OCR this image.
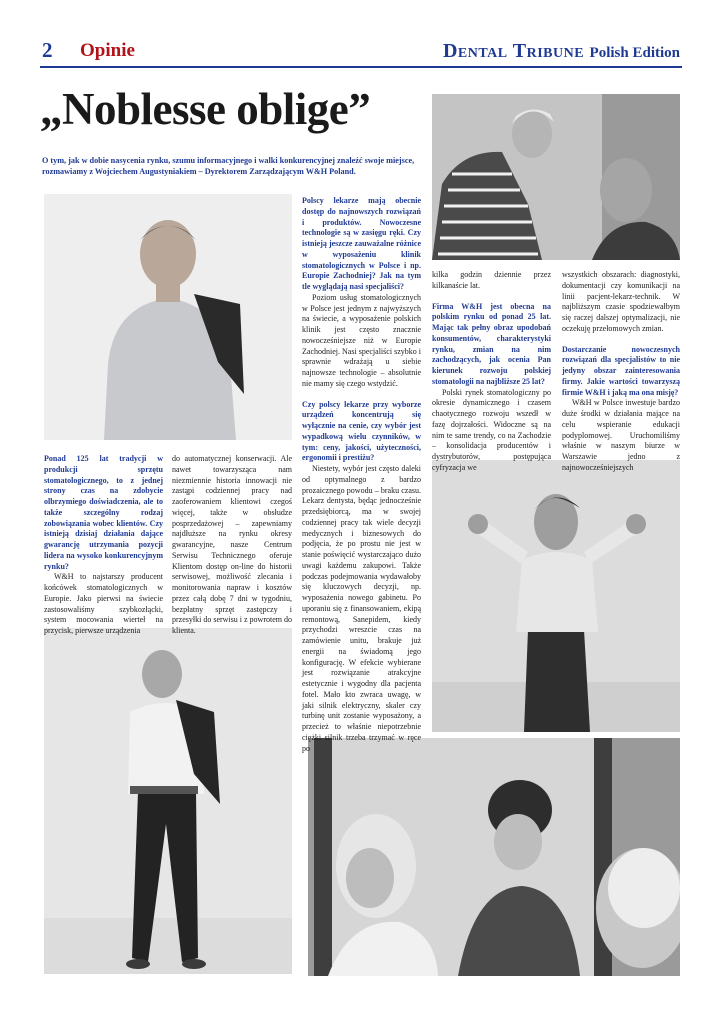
2 Opinie	Dental Tribune Polish Edition
„Noblesse oblige”
O tym, jak w dobie nasycenia rynku, szumu informacyjnego i walki konkurencyjnej znaleźć swoje miejsce, rozmawiamy z Wojciechem Augustyniakiem – Dyrektorem Zarządzającym W&H Poland.

Ponad 125 lat tradycji w produkcji sprzętu stomatologicznego, to z jednej strony czas na zdobycie olbrzymiego doświadczenia, ale to także szczególny rodzaj zobowiązania wobec klientów. Czy istnieją dzisiaj działania dające gwarancję utrzymania pozycji lidera na wysoko konkurencyjnym rynku?

W&H to najstarszy producent końcówek stomatologicznych w Europie. Jako pierwsi na świecie zastosowaliśmy szybkozłącki, system mocowania wierteł na przycisk, pierwsze urządzenia

do automatycznej konserwacji. Ale nawet towarzysząca nam niezmiennie historia innowacji nie zastąpi codziennej pracy nad zaoferowaniem klientowi czegoś więcej, także w obsłudze posprzedażowej – zapewniamy najdłuższe na rynku okresy gwarancyjne, nasze Centrum Serwisu Technicznego oferuje Klientom dostęp on-line do historii serwisowej, możliwość zlecania i monitorowania napraw i kosztów przez całą dobę 7 dni w tygodniu, bezpłatny sprzęt zastępczy i przesyłki do serwisu i z powrotem do klienta.

Polscy lekarze mają obecnie dostęp do najnowszych rozwiązań i produktów. Nowoczesne technologie są w zasięgu ręki. Czy istnieją jeszcze zauważalne różnice w wyposażeniu klinik stomatologicznych w Polsce i np. Europie Zachodniej? Jak na tym tle wyglądają nasi specjaliści?

Poziom usług stomatologicznych w Polsce jest jednym z najwyższych na świecie, a wyposażenie polskich klinik jest często znacznie nowocześniejsze niż w Europie Zachodniej. Nasi specjaliści szybko i sprawnie wdrażają u siebie najnowsze technologie – absolutnie nie mamy się czego wstydzić.

Czy polscy lekarze przy wyborze urządzeń koncentrują się wyłącznie na cenie, czy wybór jest wypadkową wielu czynników, w tym: ceny, jakości, użyteczności, ergonomii i prestiżu?

Niestety, wybór jest często daleki od optymalnego z bardzo prozaicznego powodu – braku czasu. Lekarz dentysta, będąc jednocześnie przedsiębiorcą, ma w swojej codziennej pracy tak wiele decyzji medycznych i biznesowych do podjęcia, że po prostu nie jest w stanie poświęcić wystarczająco dużo uwagi każdemu zakupowi. Także podczas podejmowania wydawałoby się kluczowych decyzji, np. wyposażenia nowego gabinetu. Po uporaniu się z finansowaniem, ekipą remontową, Sanepidem, kiedy przychodzi wreszcie czas na zamówienie unitu, brakuje już energii na świadomą jego konfigurację. W efekcie wybierane jest rozwiązanie atrakcyjne estetycznie i wygodny dla pacjenta fotel. Mało kto zwraca uwagę, w jaki silnik elektryczny, skaler czy turbinę unit zostanie wyposażony, a przecież to właśnie niepotrzebnie ciężki silnik trzeba trzymać w ręce po

kilka godzin dziennie przez kilkanaście lat.

Firma W&H jest obecna na polskim rynku od ponad 25 lat. Mając tak pełny obraz upodobań konsumentów, charakterystyki rynku, zmian na nim zachodzących, jak ocenia Pan kierunek rozwoju polskiej stomatologii na najbliższe 25 lat?

Polski rynek stomatologiczny po okresie dynamicznego i czasem chaotycznego rozwoju wszedł w fazę dojrzałości. Widoczne są na nim te same trendy, co na Zachodzie – konsolidacja producentów i dystrybutorów, postępująca cyfryzacja we

wszystkich obszarach: diagnostyki, dokumentacji czy komunikacji na linii pacjent-lekarz-technik. W najbliższym czasie spodziewałbym się raczej dalszej optymalizacji, nie oczekuję przełomowych zmian.

Dostarczanie nowoczesnych rozwiązań dla specjalistów to nie jedyny obszar zainteresowania firmy. Jakie wartości towarzyszą firmie W&H i jaką ma ona misję?

W&H w Polsce inwestuje bardzo duże środki w działania mające na celu wspieranie edukacji podyplomowej. Uruchomiliśmy właśnie w naszym biurze w Warszawie jedno z najnowocześniejszych
